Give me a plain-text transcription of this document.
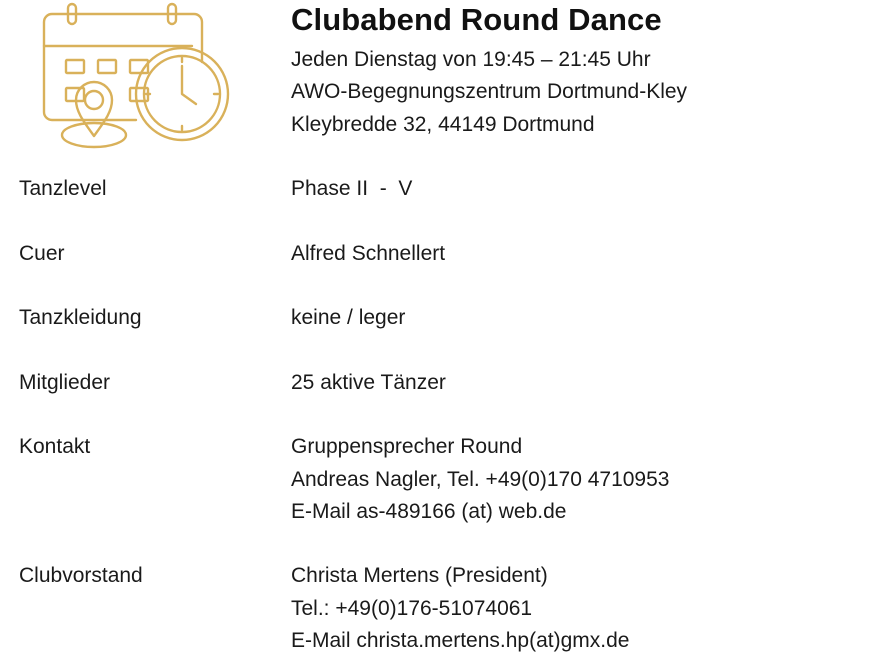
Clubabend Round Dance
Jeden Dienstag von 19:45 – 21:45 Uhr
AWO-Begegnungszentrum Dortmund-Kley
Kleybredde 32, 44149 Dortmund
Tanzlevel	Phase II  -  V
Cuer	Alfred Schnellert
Tanzkleidung	keine / leger
Mitglieder	25 aktive Tänzer
Kontakt	Gruppensprecher Round
Andreas Nagler, Tel. +49(0)170 4710953
E-Mail as-489166 (at) web.de
Clubvorstand	Christa Mertens (President)
Tel.: +49(0)176-51074061
E-Mail christa.mertens.hp(at)gmx.de
